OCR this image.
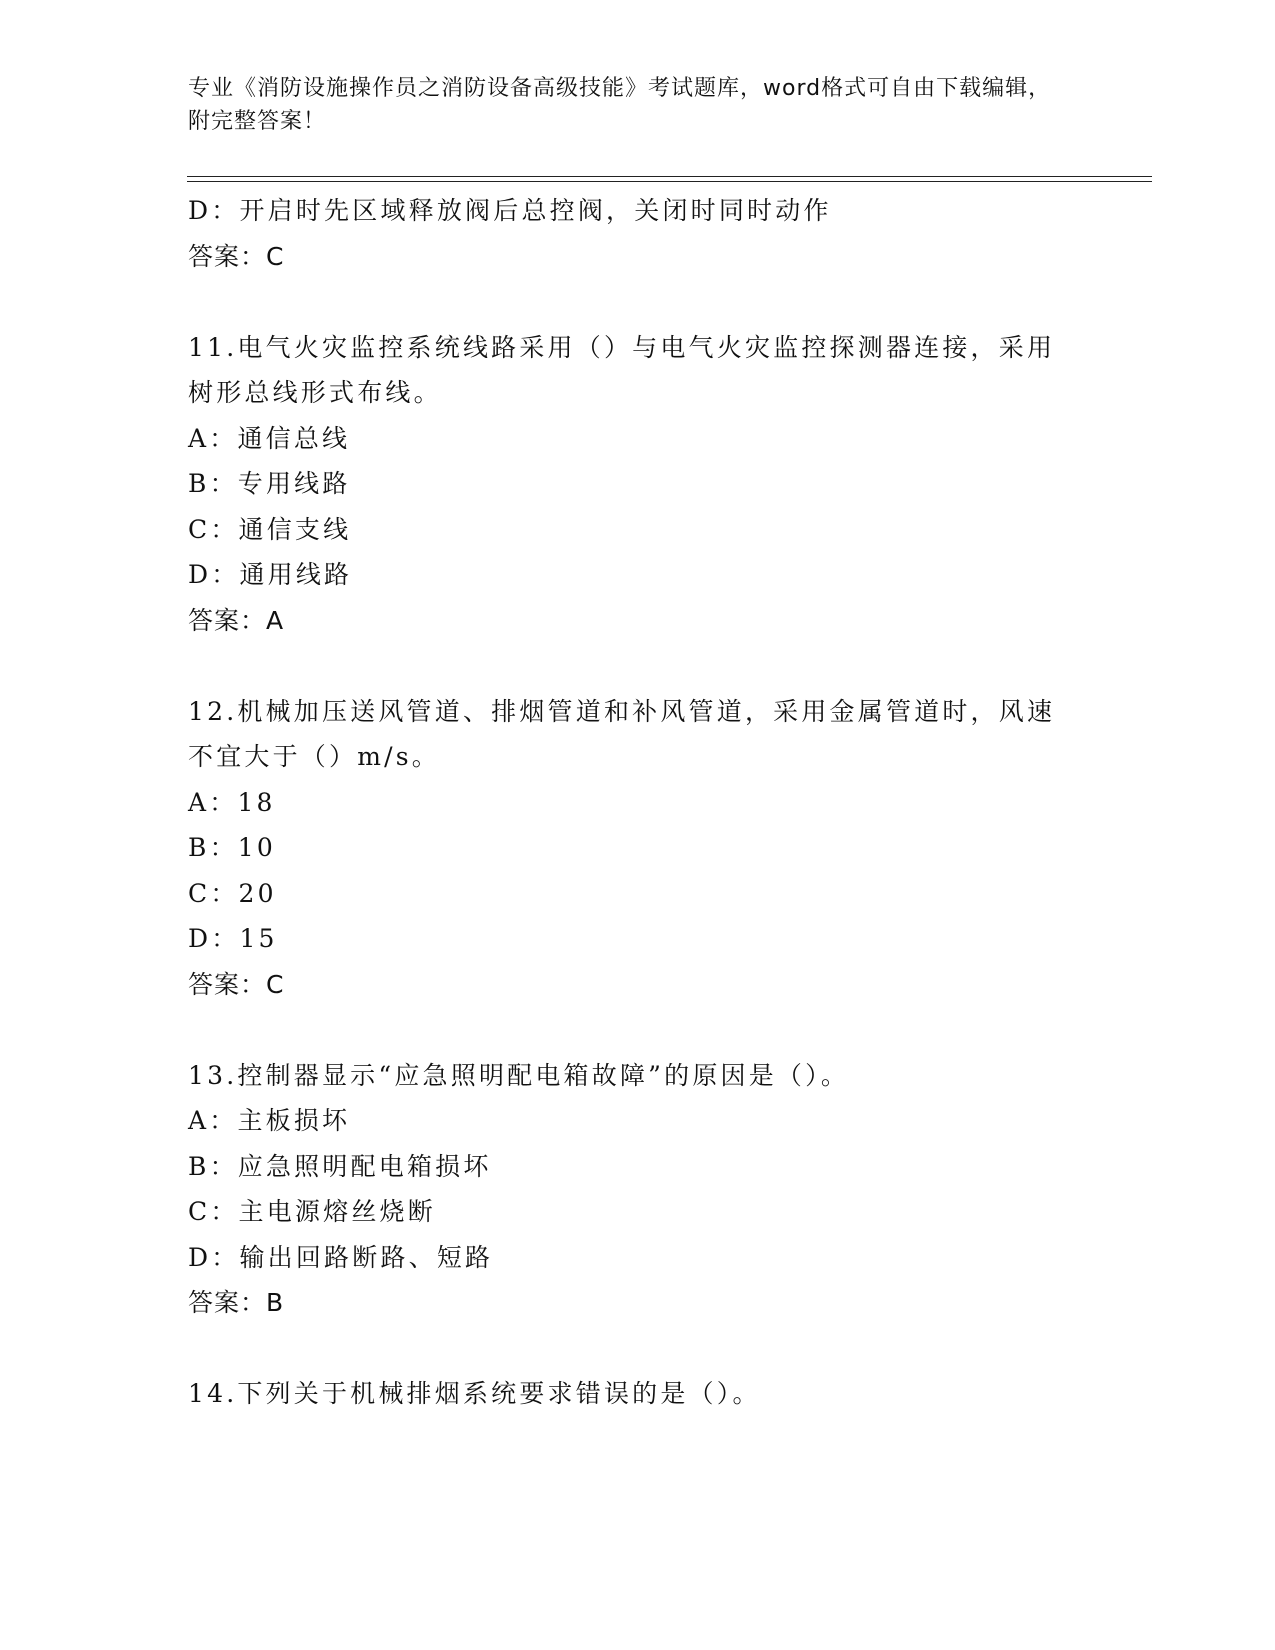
专业《消防设施操作员之消防设备高级技能》考试题库，word格式可自由下载编辑，附完整答案！
D：开启时先区域释放阀后总控阀，关闭时同时动作
答案：C
11.电气火灾监控系统线路采用（）与电气火灾监控探测器连接，采用
树形总线形式布线。
A：通信总线
B：专用线路
C：通信支线
D：通用线路
答案：A
12.机械加压送风管道、排烟管道和补风管道，采用金属管道时，风速
不宜大于（）m/s。
A：18
B：10
C：20
D：15
答案：C
13.控制器显示“应急照明配电箱故障”的原因是（）。
A：主板损坏
B：应急照明配电箱损坏
C：主电源熔丝烧断
D：输出回路断路、短路
答案：B
14.下列关于机械排烟系统要求错误的是（）。
